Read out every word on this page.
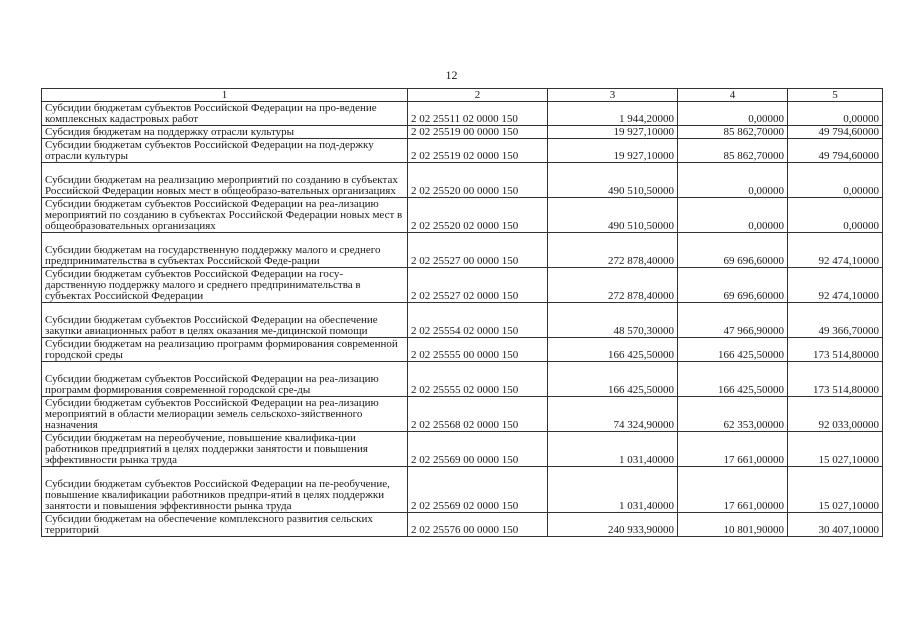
12
1	2	3	4	5
Субсидии бюджетам субъектов Российской Федерации на про-ведение комплексных кадастровых работ	2 02 25511 02 0000 150	1 944,20000	0,00000	0,00000
Субсидия бюджетам на поддержку отрасли культуры	2 02 25519 00 0000 150	19 927,10000	85 862,70000	49 794,60000
Субсидии бюджетам субъектов Российской Федерации на под-держку отрасли культуры	2 02 25519 02 0000 150	19 927,10000	85 862,70000	49 794,60000
Субсидии бюджетам на реализацию мероприятий по созданию в субъектах Российской Федерации новых мест в общеобразо-вательных организациях	2 02 25520 00 0000 150	490 510,50000	0,00000	0,00000
Субсидии бюджетам субъектов Российской Федерации на реа-лизацию мероприятий по созданию в субъектах Российской Федерации новых мест в общеобразовательных организациях	2 02 25520 02 0000 150	490 510,50000	0,00000	0,00000
Субсидии бюджетам на государственную поддержку малого и среднего предпринимательства в субъектах Российской Феде-рации	2 02 25527 00 0000 150	272 878,40000	69 696,60000	92 474,10000
Субсидии бюджетам субъектов Российской Федерации на госу-дарственную поддержку малого и среднего предпринимательства в субъектах Российской Федерации	2 02 25527 02 0000 150	272 878,40000	69 696,60000	92 474,10000
Субсидии бюджетам субъектов Российской Федерации на обеспечение закупки авиационных работ в целях оказания ме-дицинской помощи	2 02 25554 02 0000 150	48 570,30000	47 966,90000	49 366,70000
Субсидии бюджетам на реализацию программ формирования современной городской среды	2 02 25555 00 0000 150	166 425,50000	166 425,50000	173 514,80000
Субсидии бюджетам субъектов Российской Федерации на реа-лизацию программ формирования современной городской сре-ды	2 02 25555 02 0000 150	166 425,50000	166 425,50000	173 514,80000
Субсидии бюджетам субъектов Российской Федерации на реа-лизацию мероприятий в области мелиорации земель сельскохо-зяйственного назначения	2 02 25568 02 0000 150	74 324,90000	62 353,00000	92 033,00000
Субсидии бюджетам на переобучение, повышение квалифика-ции работников предприятий в целях поддержки занятости и повышения эффективности рынка труда	2 02 25569 00 0000 150	1 031,40000	17 661,00000	15 027,10000
Субсидии бюджетам субъектов Российской Федерации на пе-реобучение, повышение квалификации работников предпри-ятий в целях поддержки занятости и повышения эффективности рынка труда	2 02 25569 02 0000 150	1 031,40000	17 661,00000	15 027,10000
Субсидии бюджетам на обеспечение комплексного развития сельских территорий	2 02 25576 00 0000 150	240 933,90000	10 801,90000	30 407,10000
